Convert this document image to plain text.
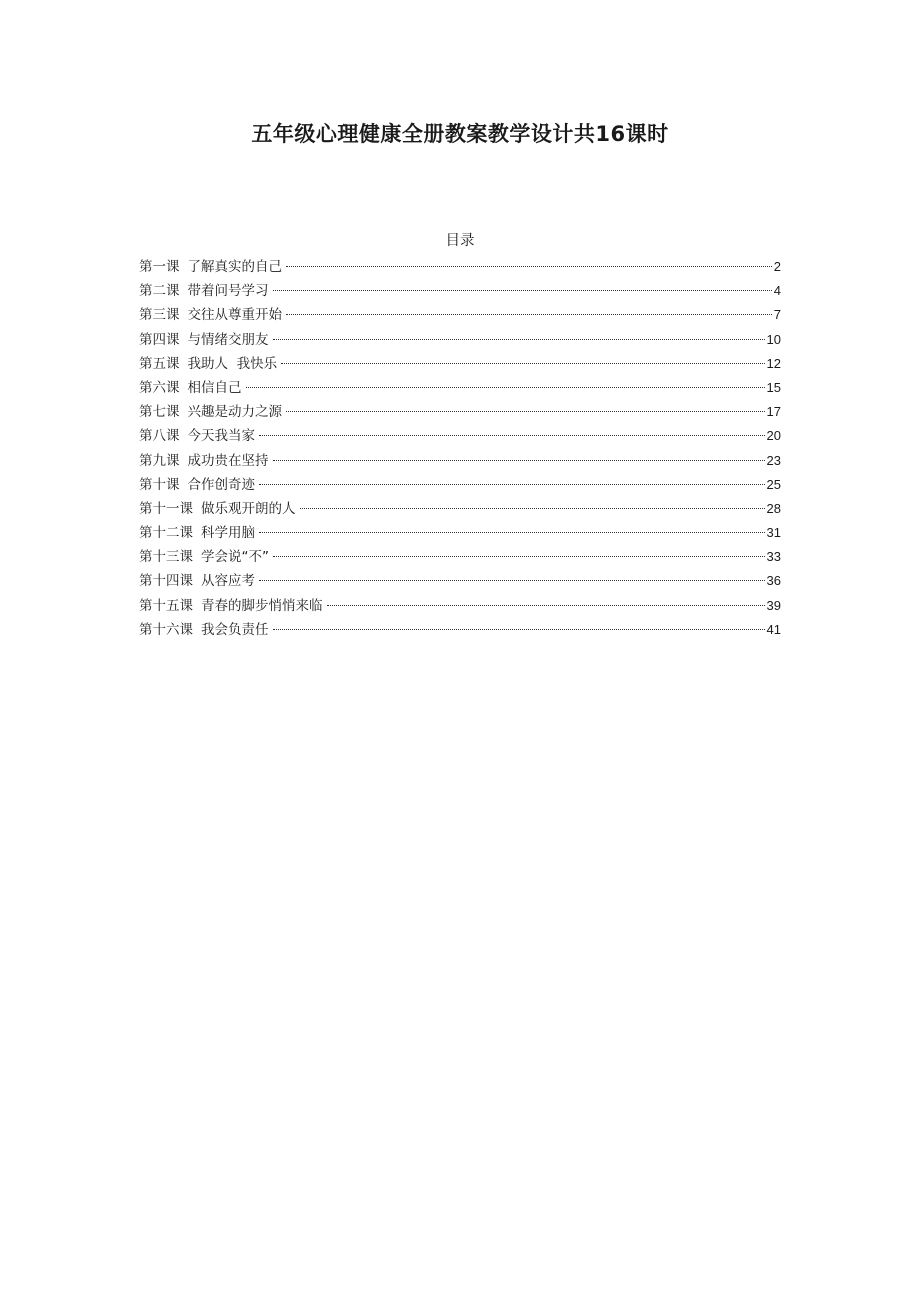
五年级心理健康全册教案教学设计共16课时
目录
第一课 了解真实的自己	2
第二课 带着问号学习	4
第三课 交往从尊重开始	7
第四课 与情绪交朋友	10
第五课 我助人  我快乐	12
第六课 相信自己	15
第七课 兴趣是动力之源	17
第八课 今天我当家	20
第九课 成功贵在坚持	23
第十课 合作创奇迹	25
第十一课 做乐观开朗的人	28
第十二课 科学用脑	31
第十三课 学会说“不”	33
第十四课 从容应考	36
第十五课 青春的脚步悄悄来临	39
第十六课 我会负责任	41
